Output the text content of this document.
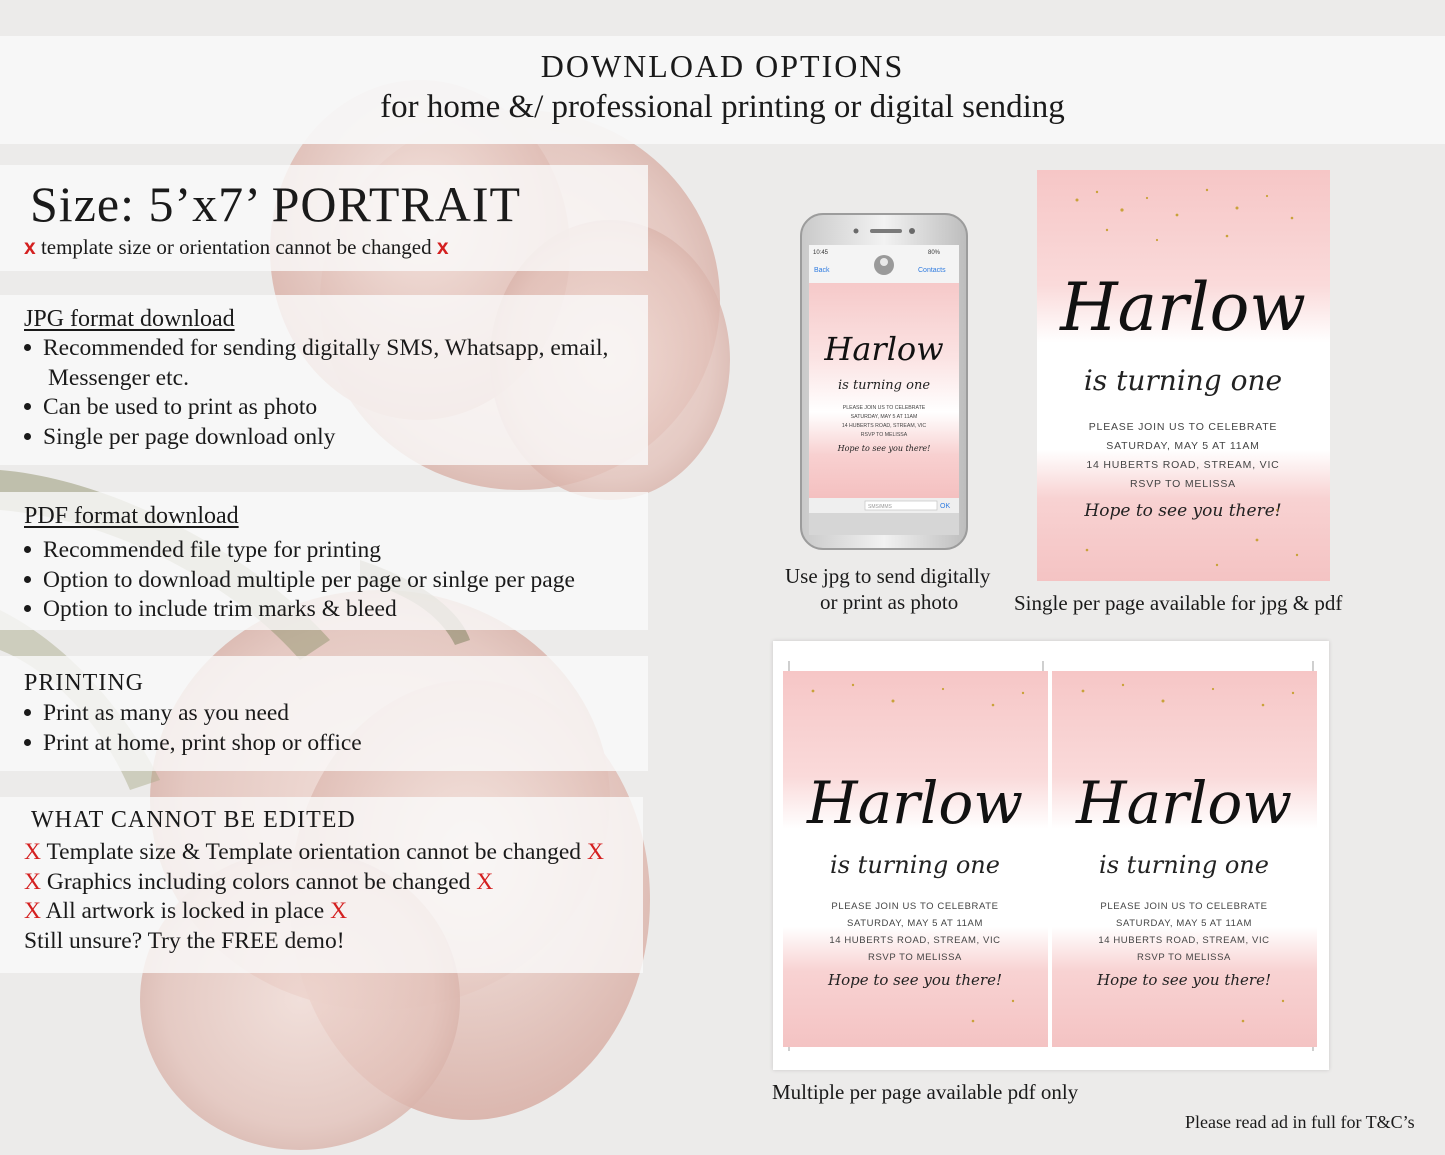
DOWNLOAD OPTIONS
for home &/ professional printing or digital sending
Size: 5’x7’ PORTRAIT
x template size or orientation cannot be changed x
JPG format download
Recommended for sending digitally SMS, Whatsapp, email,
Messenger etc.
Can be used to print as photo
Single per page download only
PDF format download
Recommended file type for printing
Option to download multiple per page or sinlge per page
Option to include trim marks & bleed
PRINTING
Print as many as you need
Print at home, print shop or office
WHAT CANNOT BE EDITED
X Template size & Template orientation cannot be changed X
X Graphics including colors cannot be changed X
X All artwork is locked in place X
Still unsure? Try the FREE demo!
10:45	80%
Back	Contacts
Harlow
is turning one
PLEASE JOIN US TO CELEBRATE
SATURDAY, MAY 5 AT 11AM
14 HUBERTS ROAD, STREAM, VIC
RSVP TO MELISSA
Hope to see you there!
SMS/MMS	OK
Use jpg to send digitally
or print as photo
Harlow
is turning one
PLEASE JOIN US TO CELEBRATE
SATURDAY, MAY 5 AT 11AM
14 HUBERTS ROAD, STREAM, VIC
RSVP TO MELISSA
Hope to see you there!
Single per page available for jpg & pdf
Harlow
is turning one
PLEASE JOIN US TO CELEBRATE
SATURDAY, MAY 5 AT 11AM
14 HUBERTS ROAD, STREAM, VIC
RSVP TO MELISSA
Hope to see you there!
Harlow
is turning one
PLEASE JOIN US TO CELEBRATE
SATURDAY, MAY 5 AT 11AM
14 HUBERTS ROAD, STREAM, VIC
RSVP TO MELISSA
Hope to see you there!
Multiple per page available pdf only
Please read ad in full for T&C’s
